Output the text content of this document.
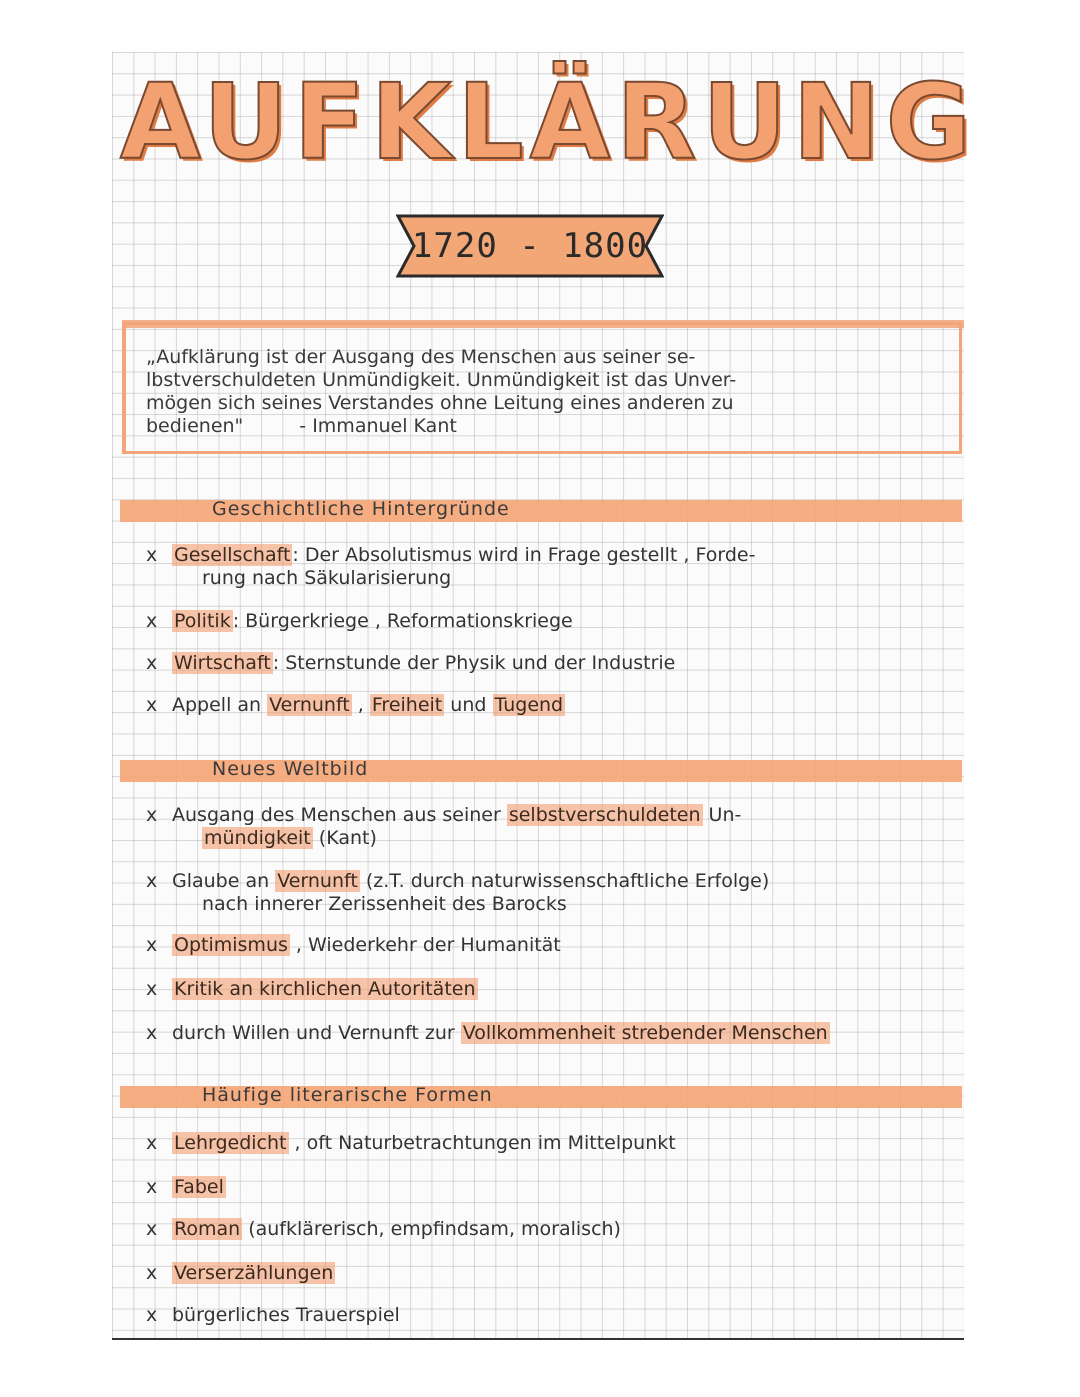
AUFKLÄRUNG
1720 - 1800
„Aufklärung ist der Ausgang des Menschen aus seiner se-
lbstverschuldeten Unmündigkeit. Unmündigkeit ist das Unver-
mögen sich seines Verstandes ohne Leitung eines anderen zu
bedienen"	- Immanuel Kant
Geschichtliche Hintergründe
x Gesellschaft : Der Absolutismus wird in Frage gestellt , Forde-
rung nach Säkularisierung
x Politik : Bürgerkriege , Reformationskriege
x Wirtschaft : Sternstunde der Physik und der Industrie
x Appell an Vernunft , Freiheit und Tugend
Neues Weltbild
x Ausgang des Menschen aus seiner selbstverschuldeten Un-
mündigkeit (Kant)
x Glaube an Vernunft (z.T. durch naturwissenschaftliche Erfolge)
nach innerer Zerissenheit des Barocks
x Optimismus , Wiederkehr der Humanität
x Kritik an kirchlichen Autoritäten
x durch Willen und Vernunft zur Vollkommenheit strebender Menschen
Häufige literarische Formen
x Lehrgedicht , oft Naturbetrachtungen im Mittelpunkt
x Fabel
x Roman (aufklärerisch, empfindsam, moralisch)
x Verserzählungen
x bürgerliches Trauerspiel
